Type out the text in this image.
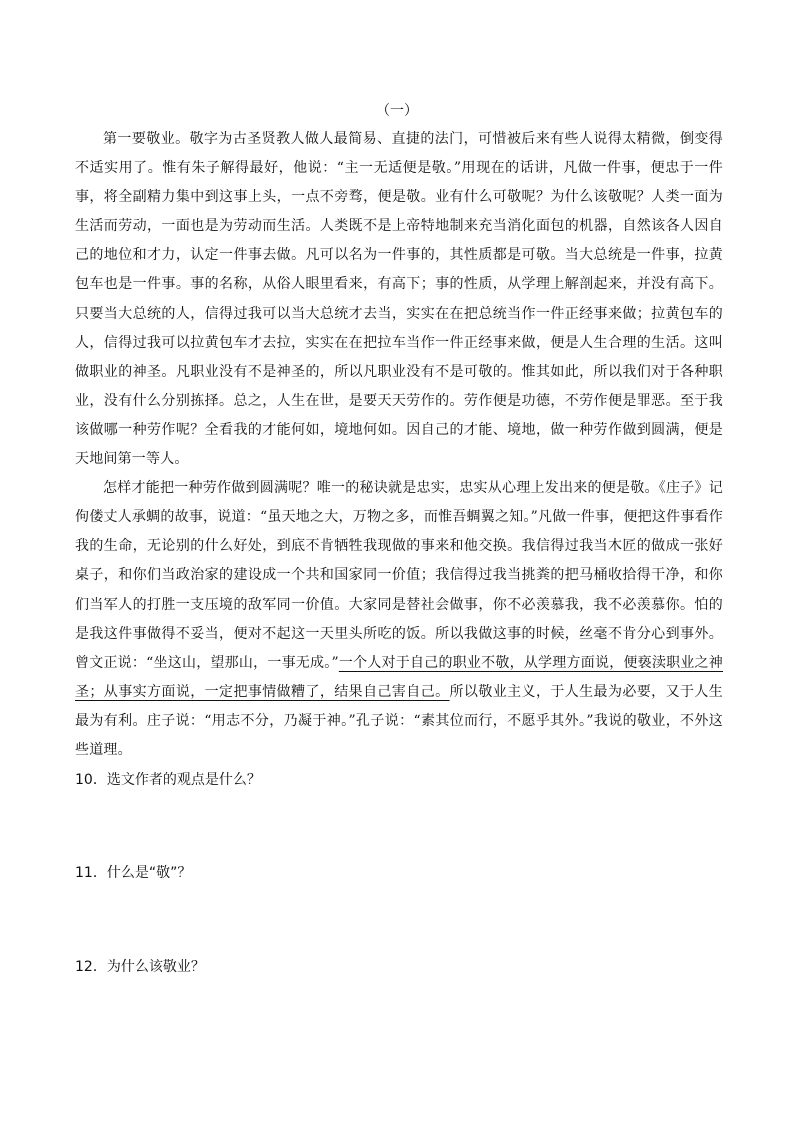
（一）

第一要敬业。敬字为古圣贤教人做人最简易、直捷的法门，可惜被后来有些人说得太精微，倒变得不适实用了。惟有朱子解得最好，他说：“主一无适便是敬。”用现在的话讲，凡做一件事，便忠于一件事，将全副精力集中到这事上头，一点不旁骛，便是敬。业有什么可敬呢？为什么该敬呢？人类一面为生活而劳动，一面也是为劳动而生活。人类既不是上帝特地制来充当消化面包的机器，自然该各人因自己的地位和才力，认定一件事去做。凡可以名为一件事的，其性质都是可敬。当大总统是一件事，拉黄包车也是一件事。事的名称，从俗人眼里看来，有高下；事的性质，从学理上解剖起来，并没有高下。只要当大总统的人，信得过我可以当大总统才去当，实实在在把总统当作一件正经事来做；拉黄包车的人，信得过我可以拉黄包车才去拉，实实在在把拉车当作一件正经事来做，便是人生合理的生活。这叫做职业的神圣。凡职业没有不是神圣的，所以凡职业没有不是可敬的。惟其如此，所以我们对于各种职业，没有什么分别拣择。总之，人生在世，是要天天劳作的。劳作便是功德，不劳作便是罪恶。至于我该做哪一种劳作呢？全看我的才能何如，境地何如。因自己的才能、境地，做一种劳作做到圆满，便是天地间第一等人。

怎样才能把一种劳作做到圆满呢？唯一的秘诀就是忠实，忠实从心理上发出来的便是敬。《庄子》记佝偻丈人承蜩的故事，说道：“虽天地之大，万物之多，而惟吾蜩翼之知。”凡做一件事，便把这件事看作我的生命，无论别的什么好处，到底不肯牺牲我现做的事来和他交换。我信得过我当木匠的做成一张好桌子，和你们当政治家的建设成一个共和国家同一价值；我信得过我当挑粪的把马桶收拾得干净，和你们当军人的打胜一支压境的敌军同一价值。大家同是替社会做事，你不必羡慕我，我不必羡慕你。怕的是我这件事做得不妥当，便对不起这一天里头所吃的饭。所以我做这事的时候，丝毫不肯分心到事外。曾文正说：“坐这山，望那山，一事无成。”一个人对于自己的职业不敬，从学理方面说，便亵渎职业之神圣；从事实方面说，一定把事情做糟了，结果自己害自己。所以敬业主义，于人生最为必要，又于人生最为有利。庄子说：“用志不分，乃凝于神。”孔子说：“素其位而行，不愿乎其外。”我说的敬业，不外这些道理。

10．选文作者的观点是什么？
11．什么是“敬”？
12．为什么该敬业？
